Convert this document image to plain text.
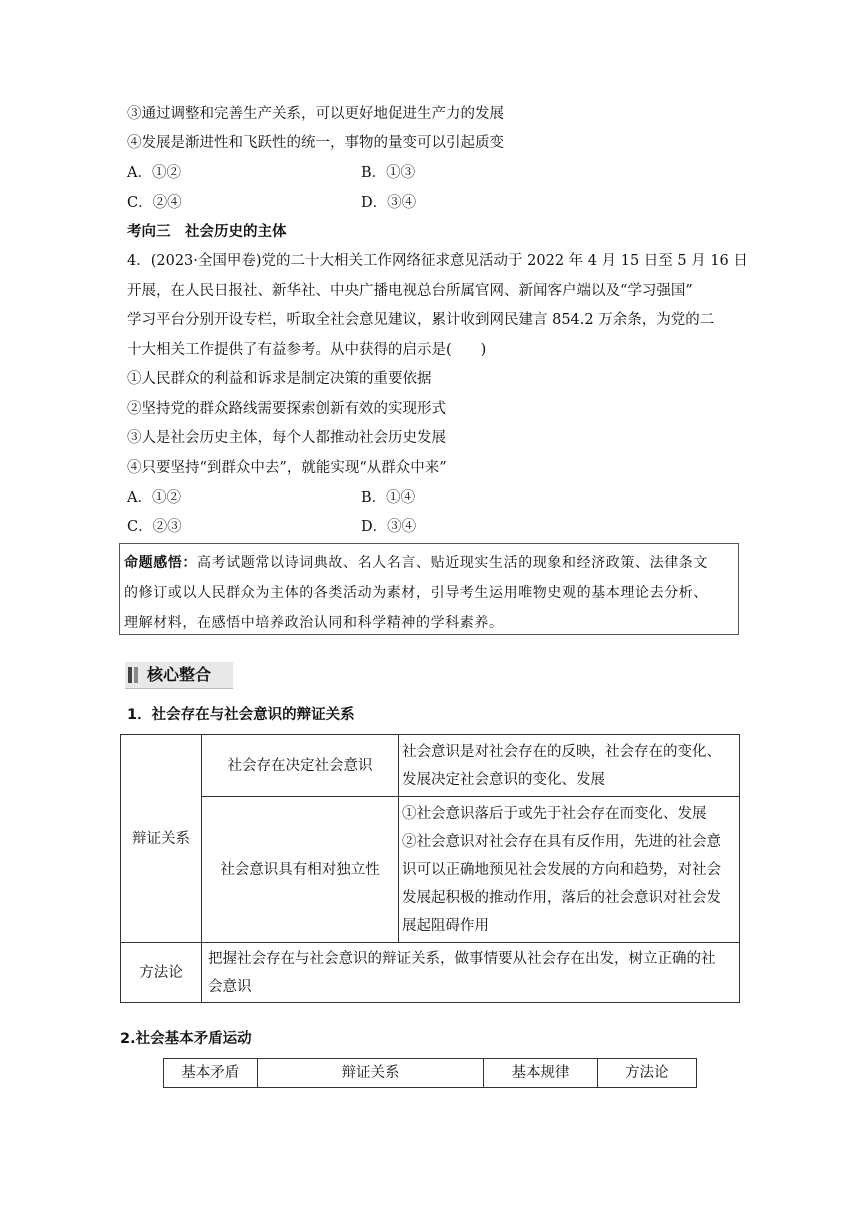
③通过调整和完善生产关系，可以更好地促进生产力的发展
④发展是渐进性和飞跃性的统一，事物的量变可以引起质变
A．①②	B．①③
C．②④	D．③④
考向三　社会历史的主体
4．(2023·全国甲卷)党的二十大相关工作网络征求意见活动于 2022 年 4 月 15 日至 5 月 16 日
开展，在人民日报社、新华社、中央广播电视总台所属官网、新闻客户端以及“学习强国”
学习平台分别开设专栏，听取全社会意见建议，累计收到网民建言 854.2 万余条，为党的二
十大相关工作提供了有益参考。从中获得的启示是(　　)
①人民群众的利益和诉求是制定决策的重要依据
②坚持党的群众路线需要探索创新有效的实现形式
③人是社会历史主体，每个人都推动社会历史发展
④只要坚持“到群众中去”，就能实现“从群众中来”
A．①②	B．①④
C．②③	D．③④
命题感悟：高考试题常以诗词典故、名人名言、贴近现实生活的现象和经济政策、法律条文
的修订或以人民群众为主体的各类活动为素材，引导考生运用唯物史观的基本理论去分析、
理解材料，在感悟中培养政治认同和科学精神的学科素养。
核心整合
1．社会存在与社会意识的辩证关系
辩证关系	社会存在决定社会意识	社会意识是对社会存在的反映，社会存在的变化、
发展决定社会意识的变化、发展

	社会意识具有相对独立性	①社会意识落后于或先于社会存在而变化、发展
②社会意识对社会存在具有反作用，先进的社会意
识可以正确地预见社会发展的方向和趋势，对社会
发展起积极的推动作用，落后的社会意识对社会发
展起阻碍作用

方法论	把握社会存在与社会意识的辩证关系，做事情要从社会存在出发，树立正确的社
会意识	
2.社会基本矛盾运动
基本矛盾	辩证关系	基本规律	方法论
